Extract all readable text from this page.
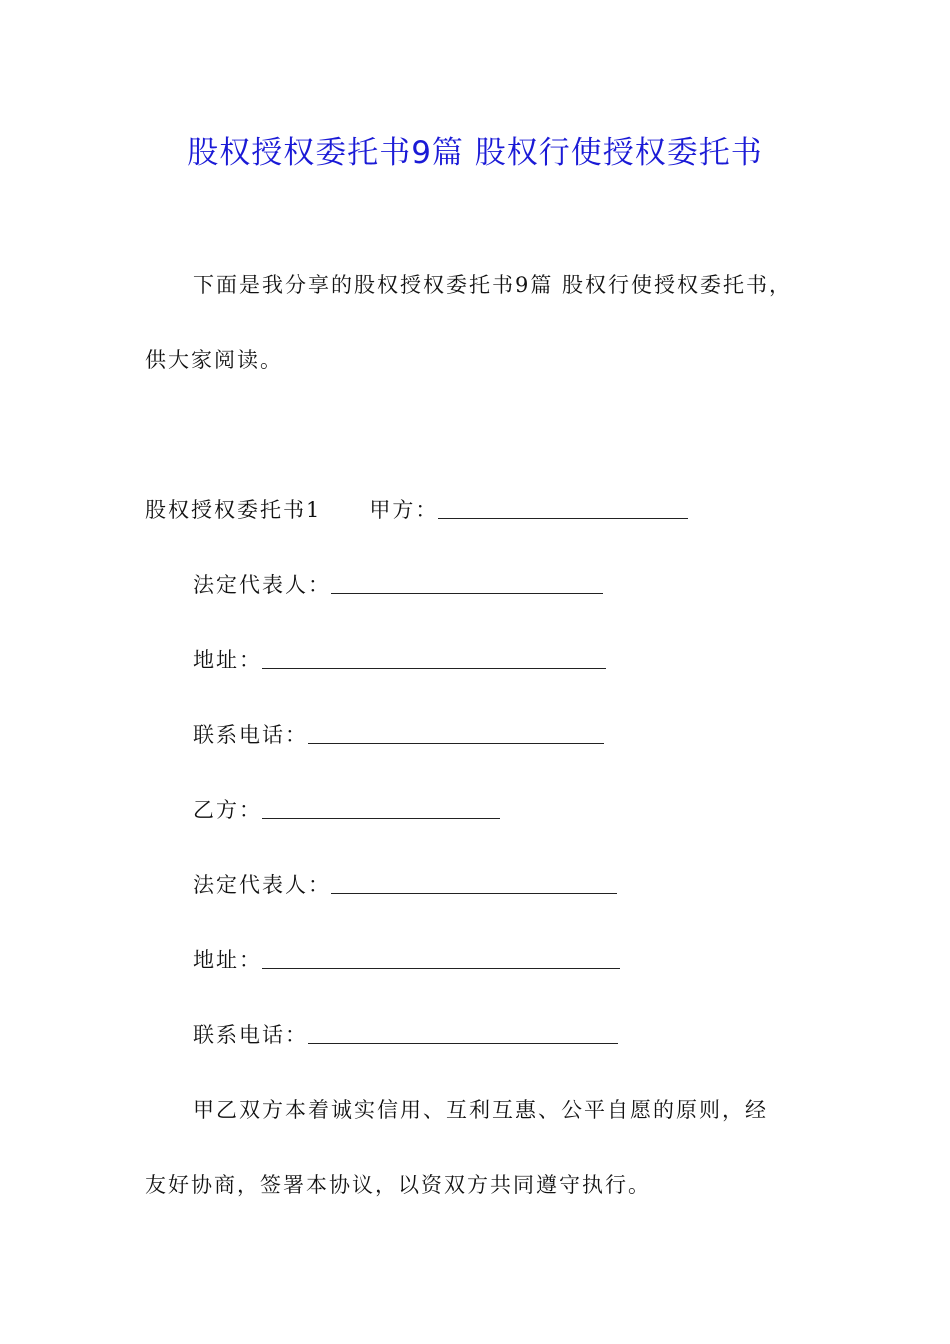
股权授权委托书9篇 股权行使授权委托书
下面是我分享的股权授权委托书9篇 股权行使授权委托书，
供大家阅读。
股权授权委托书1 甲方：
法定代表人：
地址：
联系电话：
乙方：
法定代表人：
地址：
联系电话：
甲乙双方本着诚实信用、互利互惠、公平自愿的原则，经
友好协商，签署本协议，以资双方共同遵守执行。
